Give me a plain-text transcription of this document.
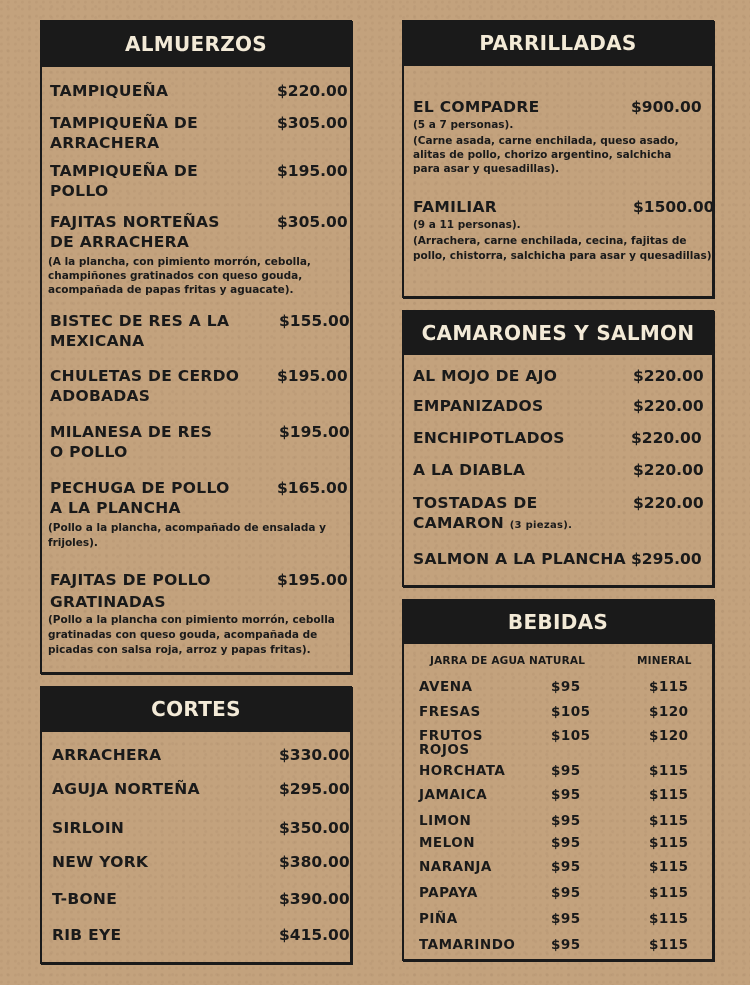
ALMUERZOS
TAMPIQUEÑA	$220.00
TAMPIQUEÑA DE
ARRACHERA
$305.00
TAMPIQUEÑA DE
POLLO
$195.00
FAJITAS NORTEÑAS
DE ARRACHERA
$305.00
(A la plancha, con pimiento morrón, cebolla,
champiñones gratinados con queso gouda,
acompañada de papas fritas y aguacate).
BISTEC DE RES A LA
MEXICANA
$155.00
CHULETAS DE CERDO
ADOBADAS
$195.00
MILANESA DE RES
O POLLO
$195.00
PECHUGA DE POLLO
A LA PLANCHA
$165.00
(Pollo a la plancha, acompañado de ensalada y
frijoles).
FAJITAS DE POLLO
GRATINADAS
$195.00
(Pollo a la plancha con pimiento morrón, cebolla
gratinadas con queso gouda, acompañada de
picadas con salsa roja, arroz y papas fritas).
CORTES
ARRACHERA	$330.00
AGUJA NORTEÑA	$295.00
SIRLOIN	$350.00
NEW YORK	$380.00
T-BONE	$390.00
RIB EYE	$415.00
PARRILLADAS
EL COMPADRE	$900.00
(5 a 7 personas).
(Carne asada, carne enchilada, queso asado,
alitas de pollo, chorizo argentino, salchicha
para asar y quesadillas).
FAMILIAR	$1500.00
(9 a 11 personas).
(Arrachera, carne enchilada, cecina, fajitas de
pollo, chistorra, salchicha para asar y quesadillas).
CAMARONES Y SALMON
AL MOJO DE AJO	$220.00
EMPANIZADOS	$220.00
ENCHIPOTLADOS	$220.00
A LA DIABLA	$220.00
TOSTADAS DE	$220.00
CAMARON (3 piezas).
SALMON A LA PLANCHA $295.00
BEBIDAS
JARRA DE AGUA NATURAL	MINERAL
AVENA	$95	$115
FRESAS	$105	$120
FRUTOS
ROJOS
$105	$120
HORCHATA	$95	$115
JAMAICA	$95	$115
LIMON	$95	$115
MELON	$95	$115
NARANJA	$95	$115
PAPAYA	$95	$115
PIÑA	$95	$115
TAMARINDO	$95	$115
